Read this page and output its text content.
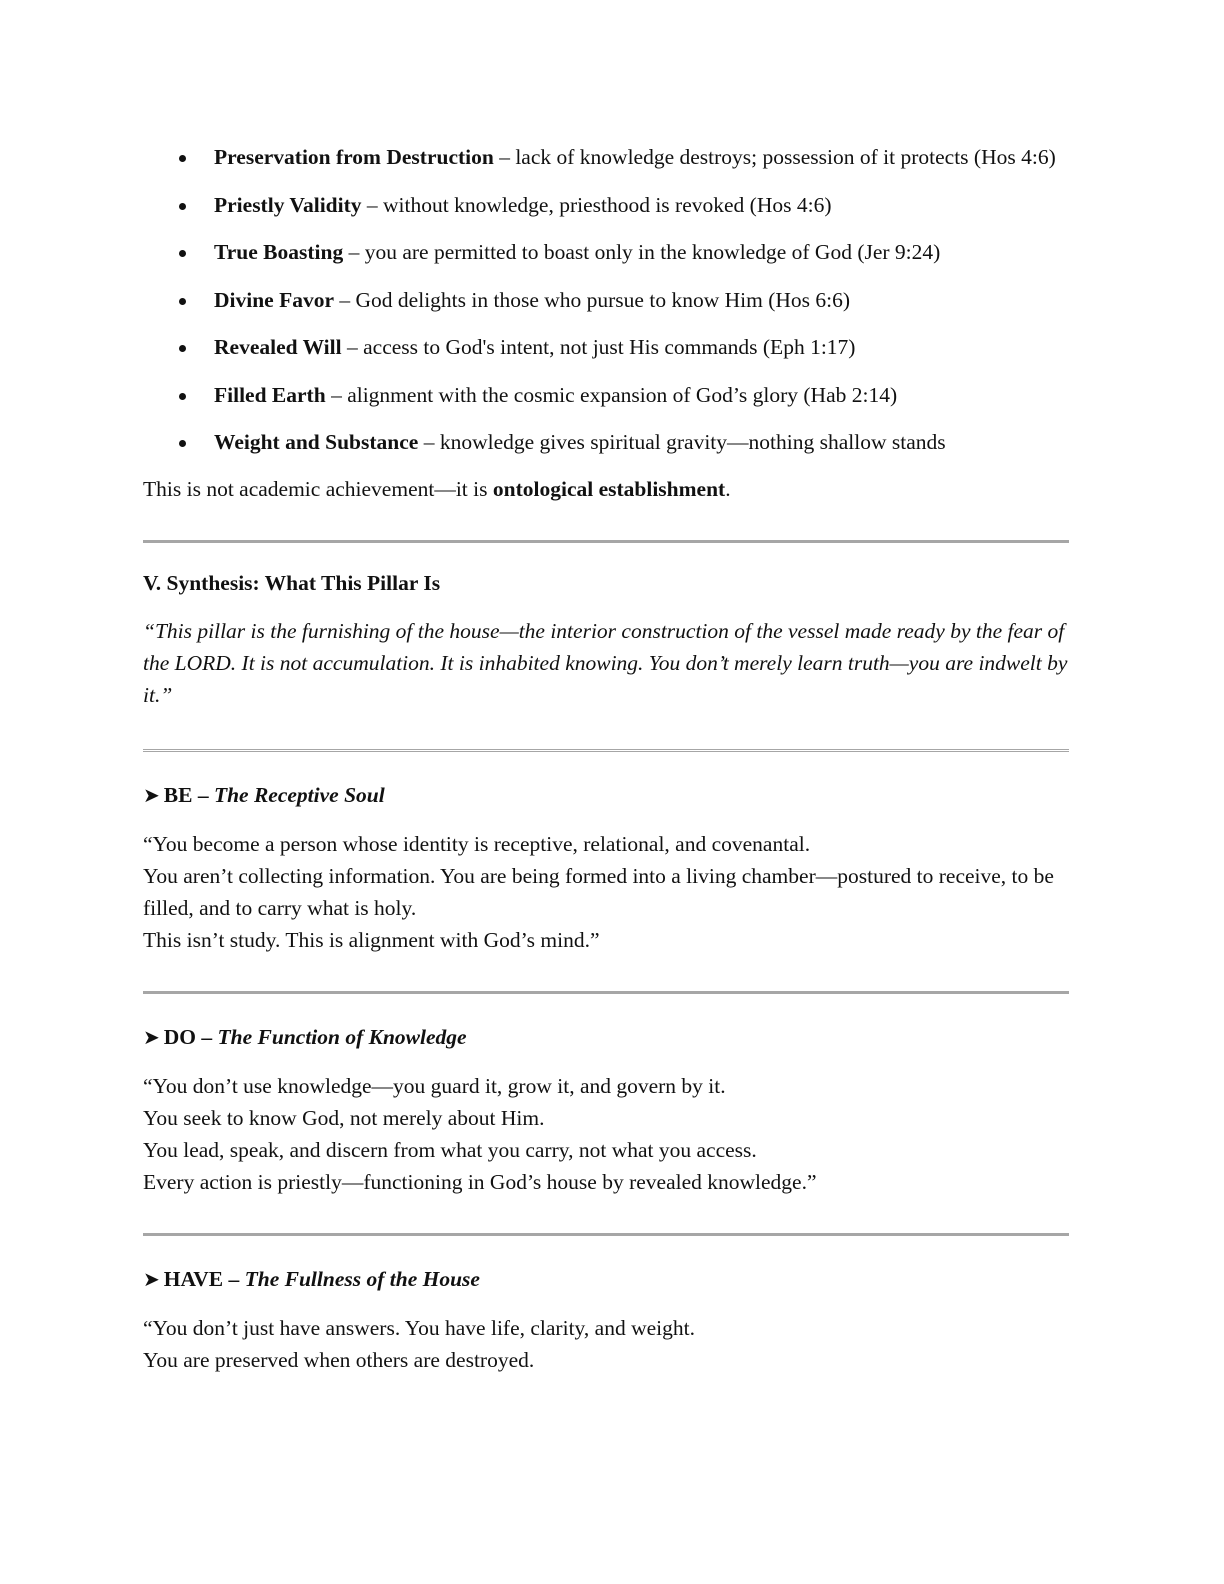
Preservation from Destruction – lack of knowledge destroys; possession of it protects (Hos 4:6)
Priestly Validity – without knowledge, priesthood is revoked (Hos 4:6)
True Boasting – you are permitted to boast only in the knowledge of God (Jer 9:24)
Divine Favor – God delights in those who pursue to know Him (Hos 6:6)
Revealed Will – access to God's intent, not just His commands (Eph 1:17)
Filled Earth – alignment with the cosmic expansion of God’s glory (Hab 2:14)
Weight and Substance – knowledge gives spiritual gravity—nothing shallow stands

This is not academic achievement—it is ontological establishment.

V. Synthesis: What This Pillar Is

“This pillar is the furnishing of the house—the interior construction of the vessel made ready by the fear of the LORD. It is not accumulation. It is inhabited knowing. You don’t merely learn truth—you are indwelt by it.”

➤ BE – The Receptive Soul

“You become a person whose identity is receptive, relational, and covenantal.

You aren’t collecting information. You are being formed into a living chamber—postured to receive, to be filled, and to carry what is holy.

This isn’t study. This is alignment with God’s mind.”

➤ DO – The Function of Knowledge

“You don’t use knowledge—you guard it, grow it, and govern by it.

You seek to know God, not merely about Him.

You lead, speak, and discern from what you carry, not what you access.

Every action is priestly—functioning in God’s house by revealed knowledge.”

➤ HAVE – The Fullness of the House

“You don’t just have answers. You have life, clarity, and weight.

You are preserved when others are destroyed.
